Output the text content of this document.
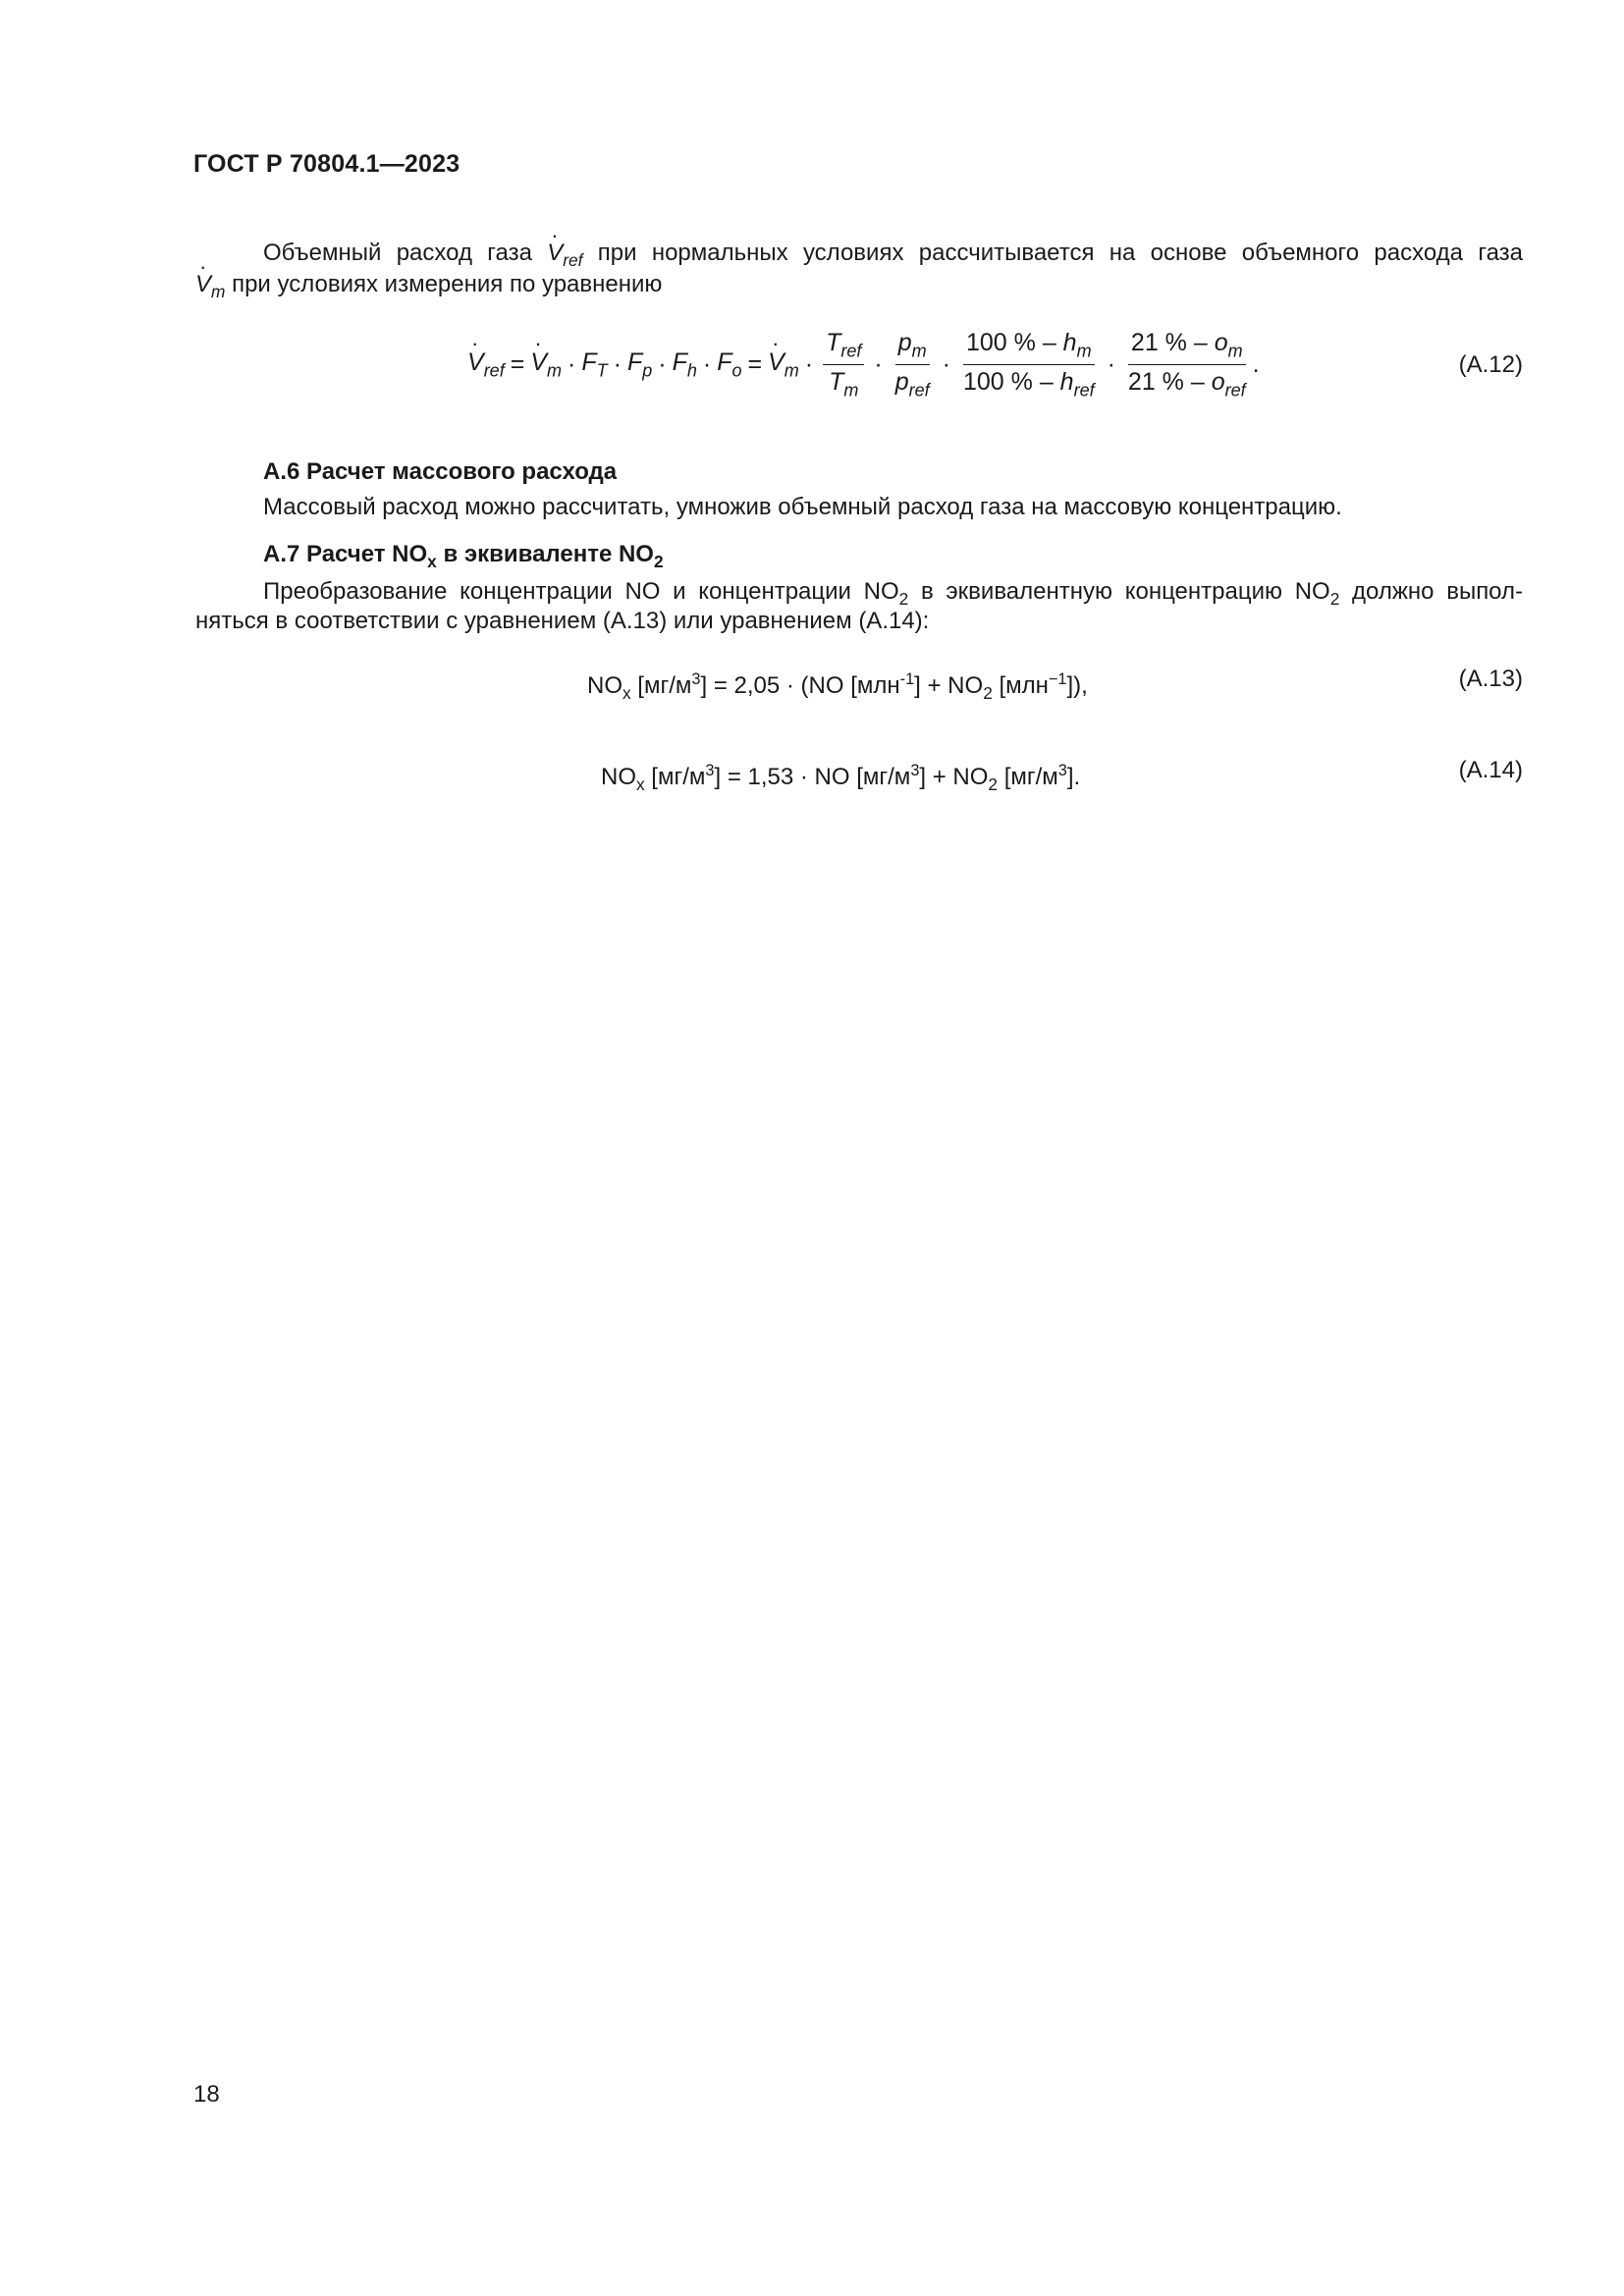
ГОСТ Р 70804.1—2023
Объемный расход газа · $V_{ref}$ при нормальных условиях рассчитывается на основе объемного расхода газа
· $V_m$ при условиях измерения по уравнению
· $V_{ref}$ = · $V_m \cdot F_T \cdot F_p \cdot F_h \cdot F_o$ = · $V_m \cdot \frac{T_{ref}}{T_m} \cdot \frac{p_m}{p_{ref}} \cdot \frac{100 \% - h_m}{100 \% - h_{ref}} \cdot \frac{21 \% - o_m}{21 \% - o_{ref}}$ .	(A.12)
A.6 Расчет массового расхода
Массовый расход можно рассчитать, умножив объемный расход газа на массовую концентрацию.
A.7 Расчет $NO_x$ в эквиваленте $NO_2$
Преобразование концентрации NO и концентрации $NO_2$ в эквивалентную концентрацию $NO_2$ должно выпол-
няться в соответствии с уравнением (A.13) или уравнением (A.14):
$NO_x$ $[мг/м^3] = 2,05 \cdot (NO$ $[млн^{-1}] + NO_2$ [млн$^{-1}$]),	(A.13)
$NO_x$ $[мг/м^3] = 1,53$ · NO $[мг/м^3] + NO_2$ $[мг/м^3]$.	(A.14)
18
